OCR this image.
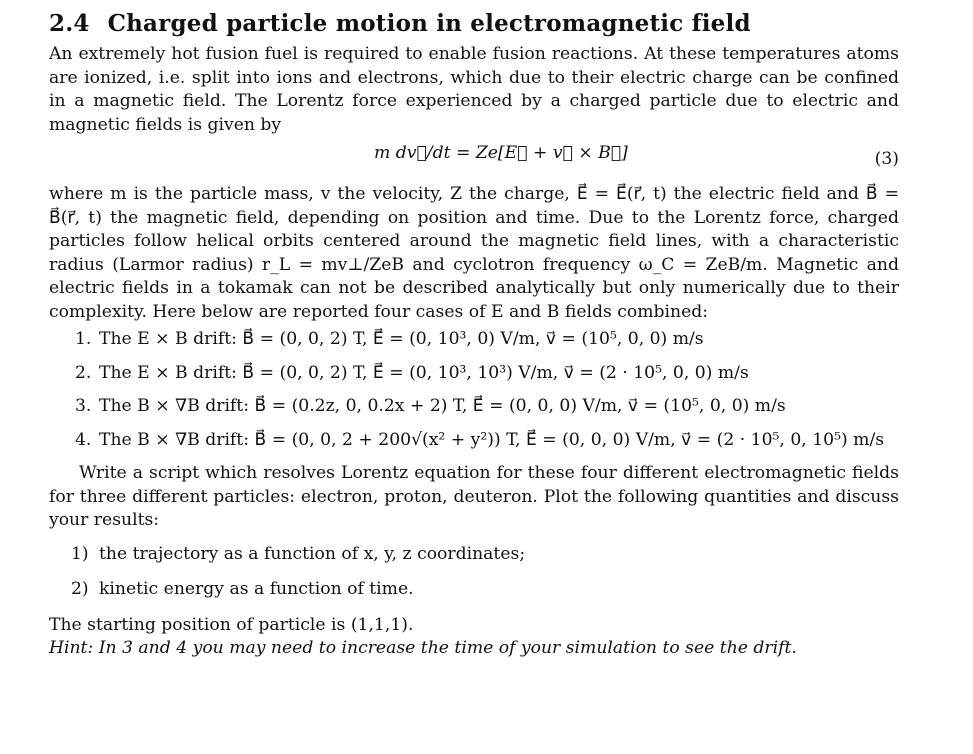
2.4 Charged particle motion in electromagnetic field

An extremely hot fusion fuel is required to enable fusion reactions. At these temperatures atoms are ionized, i.e. split into ions and electrons, which due to their electric charge can be confined in a magnetic field. The Lorentz force experienced by a charged particle due to electric and magnetic fields is given by

m dv⃗/dt = Ze[E⃗ + v⃗ × B⃗]	(3)

where m is the particle mass, v the velocity, Z the charge, E⃗ = E⃗(r⃗, t) the electric field and B⃗ = B⃗(r⃗, t) the magnetic field, depending on position and time. Due to the Lorentz force, charged particles follow helical orbits centered around the magnetic field lines, with a characteristic radius (Larmor radius) r_L = mv⊥/ZeB and cyclotron frequency ω_C = ZeB/m. Magnetic and electric fields in a tokamak can not be described analytically but only numerically due to their complexity. Here below are reported four cases of E and B fields combined:

1. The E × B drift: B⃗ = (0, 0, 2) T, E⃗ = (0, 10³, 0) V/m, v⃗ = (10⁵, 0, 0) m/s
2. The E × B drift: B⃗ = (0, 0, 2) T, E⃗ = (0, 10³, 10³) V/m, v⃗ = (2 · 10⁵, 0, 0) m/s
3. The B × ∇B drift: B⃗ = (0.2z, 0, 0.2x + 2) T, E⃗ = (0, 0, 0) V/m, v⃗ = (10⁵, 0, 0) m/s
4. The B × ∇B drift: B⃗ = (0, 0, 2 + 200√(x² + y²)) T, E⃗ = (0, 0, 0) V/m, v⃗ = (2 · 10⁵, 0, 10⁵) m/s

Write a script which resolves Lorentz equation for these four different electromagnetic fields for three different particles: electron, proton, deuteron. Plot the following quantities and discuss your results:

1) the trajectory as a function of x, y, z coordinates;
2) kinetic energy as a function of time.

The starting position of particle is (1,1,1).

Hint: In 3 and 4 you may need to increase the time of your simulation to see the drift.
